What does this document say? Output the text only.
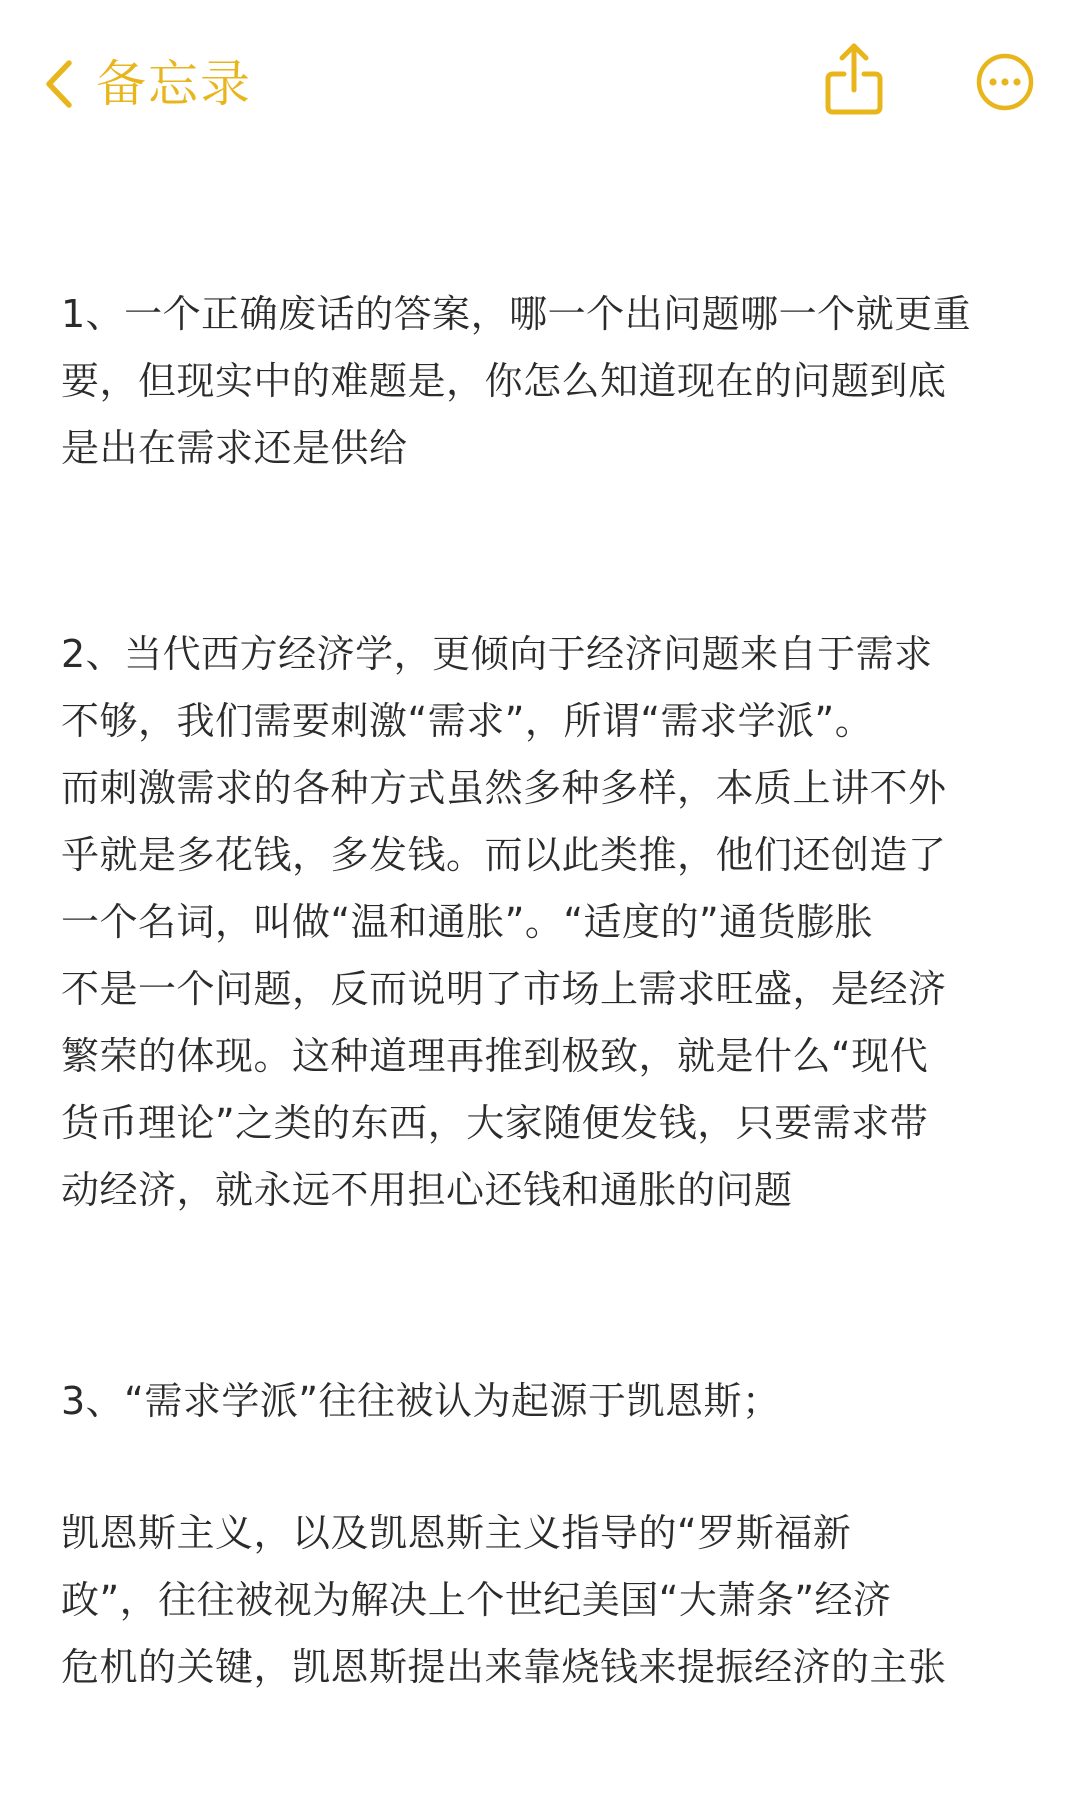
备忘录

1、一个正确废话的答案，哪一个出问题哪一个就更重
要，但现实中的难题是，你怎么知道现在的问题到底
是出在需求还是供给

2、当代西方经济学，更倾向于经济问题来自于需求
不够，我们需要刺激“需求”，所谓“需求学派”。
而刺激需求的各种方式虽然多种多样，本质上讲不外
乎就是多花钱，多发钱。而以此类推，他们还创造了
一个名词，叫做“温和通胀”。“适度的”通货膨胀
不是一个问题，反而说明了市场上需求旺盛，是经济
繁荣的体现。这种道理再推到极致，就是什么“现代
货币理论”之类的东西，大家随便发钱，只要需求带
动经济，就永远不用担心还钱和通胀的问题

3、“需求学派”往往被认为起源于凯恩斯；

凯恩斯主义，以及凯恩斯主义指导的“罗斯福新
政”，往往被视为解决上个世纪美国“大萧条”经济
危机的关键，凯恩斯提出来靠烧钱来提振经济的主张
